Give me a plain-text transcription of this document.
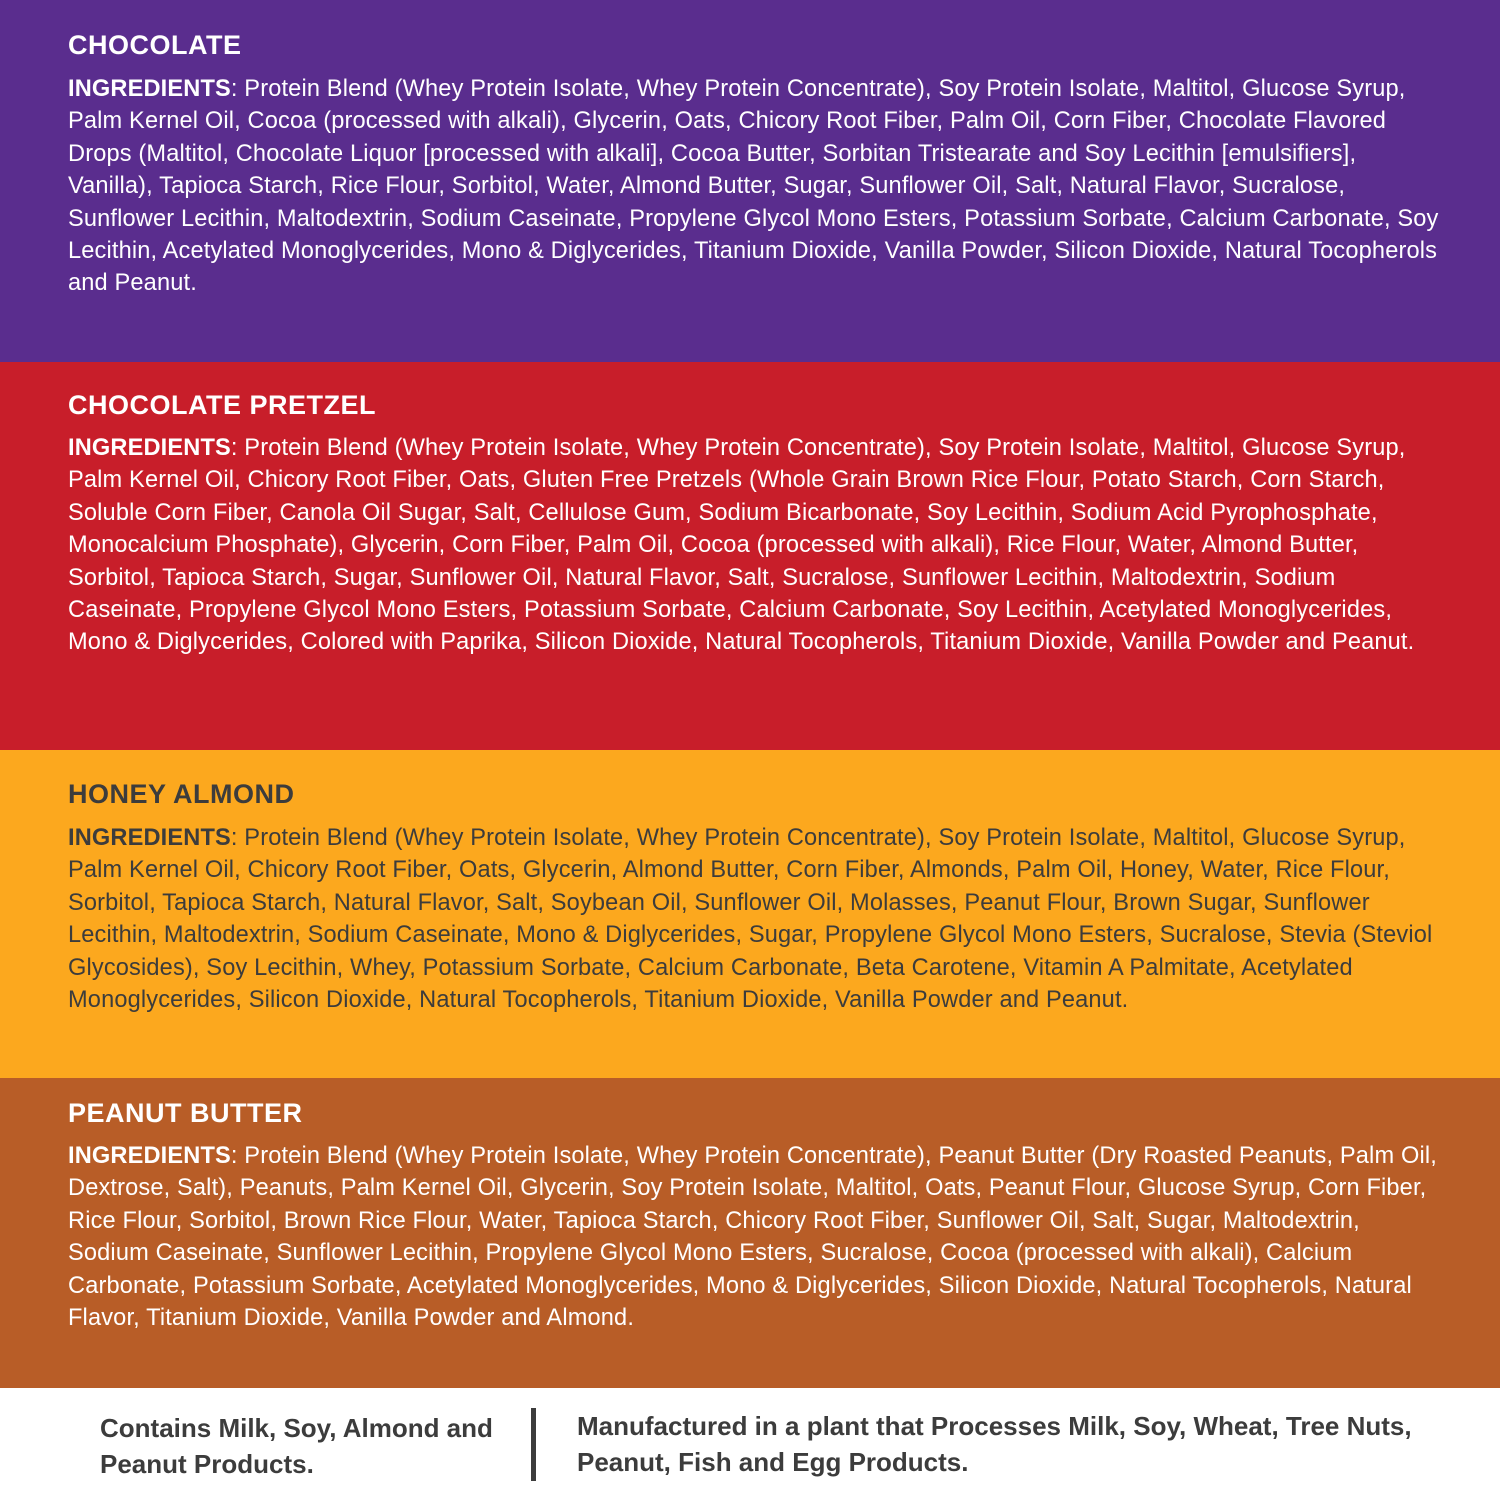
CHOCOLATE

INGREDIENTS: Protein Blend (Whey Protein Isolate, Whey Protein Concentrate), Soy Protein Isolate, Maltitol, Glucose Syrup, Palm Kernel Oil, Cocoa (processed with alkali), Glycerin, Oats, Chicory Root Fiber, Palm Oil, Corn Fiber, Chocolate Flavored Drops (Maltitol, Chocolate Liquor [processed with alkali], Cocoa Butter, Sorbitan Tristearate and Soy Lecithin [emulsifiers], Vanilla), Tapioca Starch, Rice Flour, Sorbitol, Water, Almond Butter, Sugar, Sunflower Oil, Salt, Natural Flavor, Sucralose, Sunflower Lecithin, Maltodextrin, Sodium Caseinate, Propylene Glycol Mono Esters, Potassium Sorbate, Calcium Carbonate, Soy Lecithin, Acetylated Monoglycerides, Mono & Diglycerides, Titanium Dioxide, Vanilla Powder, Silicon Dioxide, Natural Tocopherols and Peanut.

CHOCOLATE PRETZEL

INGREDIENTS: Protein Blend (Whey Protein Isolate, Whey Protein Concentrate), Soy Protein Isolate, Maltitol, Glucose Syrup, Palm Kernel Oil, Chicory Root Fiber, Oats, Gluten Free Pretzels (Whole Grain Brown Rice Flour, Potato Starch, Corn Starch, Soluble Corn Fiber, Canola Oil Sugar, Salt, Cellulose Gum, Sodium Bicarbonate, Soy Lecithin, Sodium Acid Pyrophosphate, Monocalcium Phosphate), Glycerin, Corn Fiber, Palm Oil, Cocoa (processed with alkali), Rice Flour, Water, Almond Butter, Sorbitol, Tapioca Starch, Sugar, Sunflower Oil, Natural Flavor, Salt, Sucralose, Sunflower Lecithin, Maltodextrin, Sodium Caseinate, Propylene Glycol Mono Esters, Potassium Sorbate, Calcium Carbonate, Soy Lecithin, Acetylated Monoglycerides, Mono & Diglycerides, Colored with Paprika, Silicon Dioxide, Natural Tocopherols, Titanium Dioxide, Vanilla Powder and Peanut.

HONEY ALMOND

INGREDIENTS: Protein Blend (Whey Protein Isolate, Whey Protein Concentrate), Soy Protein Isolate, Maltitol, Glucose Syrup, Palm Kernel Oil, Chicory Root Fiber, Oats, Glycerin, Almond Butter, Corn Fiber, Almonds, Palm Oil, Honey, Water, Rice Flour, Sorbitol, Tapioca Starch, Natural Flavor, Salt, Soybean Oil, Sunflower Oil, Molasses, Peanut Flour, Brown Sugar, Sunflower Lecithin, Maltodextrin, Sodium Caseinate, Mono & Diglycerides, Sugar, Propylene Glycol Mono Esters, Sucralose, Stevia (Steviol Glycosides), Soy Lecithin, Whey, Potassium Sorbate, Calcium Carbonate, Beta Carotene, Vitamin A Palmitate, Acetylated Monoglycerides, Silicon Dioxide, Natural Tocopherols, Titanium Dioxide, Vanilla Powder and Peanut.

PEANUT BUTTER

INGREDIENTS: Protein Blend (Whey Protein Isolate, Whey Protein Concentrate), Peanut Butter (Dry Roasted Peanuts, Palm Oil, Dextrose, Salt), Peanuts, Palm Kernel Oil, Glycerin, Soy Protein Isolate, Maltitol, Oats, Peanut Flour, Glucose Syrup, Corn Fiber, Rice Flour, Sorbitol, Brown Rice Flour, Water, Tapioca Starch, Chicory Root Fiber, Sunflower Oil, Salt, Sugar, Maltodextrin, Sodium Caseinate, Sunflower Lecithin, Propylene Glycol Mono Esters, Sucralose, Cocoa (processed with alkali), Calcium Carbonate, Potassium Sorbate, Acetylated Monoglycerides, Mono & Diglycerides, Silicon Dioxide, Natural Tocopherols, Natural Flavor, Titanium Dioxide, Vanilla Powder and Almond.

Contains Milk, Soy, Almond and Peanut Products.

Manufactured in a plant that Processes Milk, Soy, Wheat, Tree Nuts, Peanut, Fish and Egg Products.
